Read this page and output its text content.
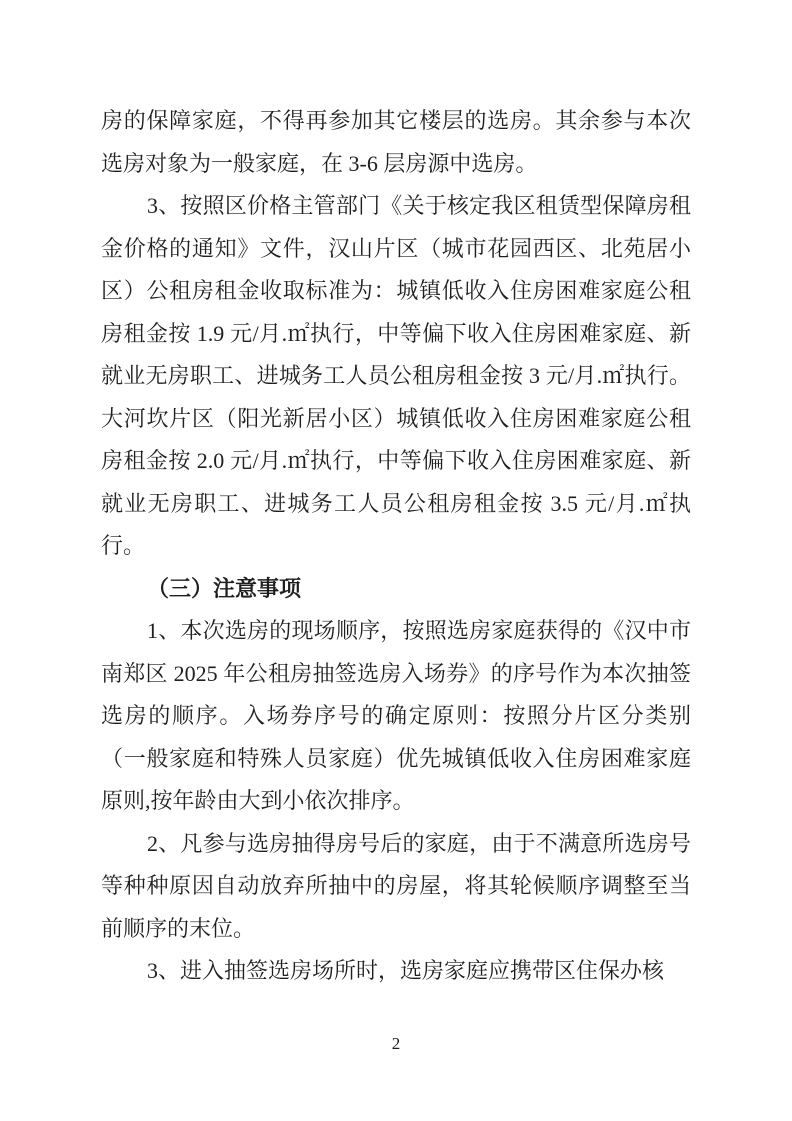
房的保障家庭，不得再参加其它楼层的选房。其余参与本次选房对象为一般家庭，在 3-6 层房源中选房。
3、按照区价格主管部门《关于核定我区租赁型保障房租金价格的通知》文件，汉山片区（城市花园西区、北苑居小区）公租房租金收取标准为：城镇低收入住房困难家庭公租房租金按 1.9 元/月.㎡执行，中等偏下收入住房困难家庭、新就业无房职工、进城务工人员公租房租金按 3 元/月.㎡执行。大河坎片区（阳光新居小区）城镇低收入住房困难家庭公租房租金按 2.0 元/月.㎡执行，中等偏下收入住房困难家庭、新就业无房职工、进城务工人员公租房租金按 3.5 元/月.㎡执行。
（三）注意事项
1、本次选房的现场顺序，按照选房家庭获得的《汉中市南郑区 2025 年公租房抽签选房入场券》的序号作为本次抽签选房的顺序。入场券序号的确定原则：按照分片区分类别（一般家庭和特殊人员家庭）优先城镇低收入住房困难家庭原则,按年龄由大到小依次排序。
2、凡参与选房抽得房号后的家庭，由于不满意所选房号等种种原因自动放弃所抽中的房屋，将其轮候顺序调整至当前顺序的末位。
3、进入抽签选房场所时，选房家庭应携带区住保办核
2
